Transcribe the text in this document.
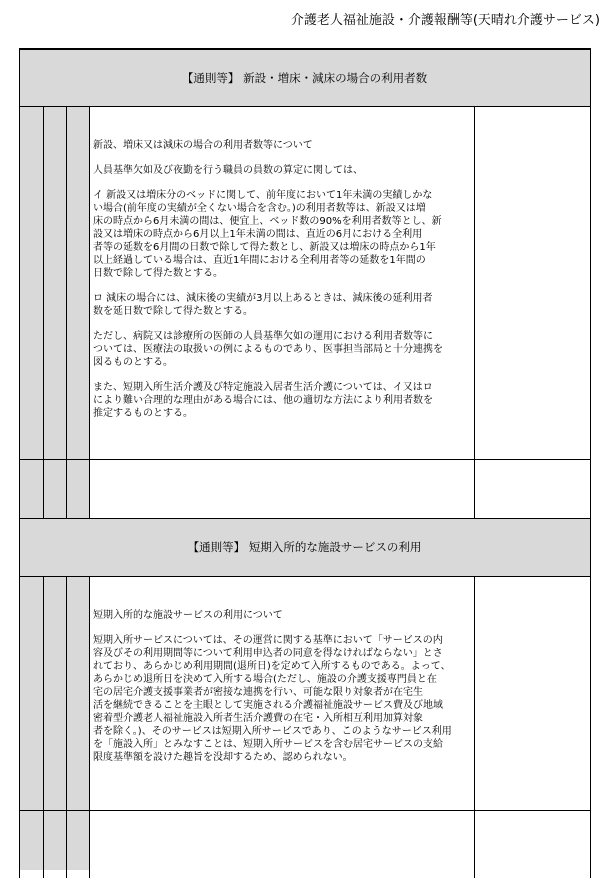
介護老人福祉施設・介護報酬等(天晴れ介護サービス)
【通則等】 新設・増床・減床の場合の利用者数

新設、増床又は減床の場合の利用者数等について

人員基準欠如及び夜勤を行う職員の員数の算定に関しては、

イ 新設又は増床分のベッドに関して、前年度において1年未満の実績しかな
い場合(前年度の実績が全くない場合を含む。)の利用者数等は、新設又は増
床の時点から6月未満の間は、便宜上、ベッド数の90%を利用者数等とし、新
設又は増床の時点から6月以上1年未満の間は、直近の6月における全利用
者等の延数を6月間の日数で除して得た数とし、新設又は増床の時点から1年
以上経過している場合は、直近1年間における全利用者等の延数を1年間の
日数で除して得た数とする。

ロ 減床の場合には、減床後の実績が3月以上あるときは、減床後の延利用者
数を延日数で除して得た数とする。

ただし、病院又は診療所の医師の人員基準欠如の運用における利用者数等に
ついては、医療法の取扱いの例によるものであり、医事担当部局と十分連携を
図るものとする。

また、短期入所生活介護及び特定施設入居者生活介護については、イ又はロ
により難い合理的な理由がある場合には、他の適切な方法により利用者数を
推定するものとする。

【通則等】 短期入所的な施設サービスの利用

短期入所的な施設サービスの利用について

短期入所サービスについては、その運営に関する基準において「サービスの内
容及びその利用期間等について利用申込者の同意を得なければならない」とさ
れており、あらかじめ利用期間(退所日)を定めて入所するものである。よって、
あらかじめ退所日を決めて入所する場合(ただし、施設の介護支援専門員と在
宅の居宅介護支援事業者が密接な連携を行い、可能な限り対象者が在宅生
活を継続できることを主眼として実施される介護福祉施設サービス費及び地域
密着型介護老人福祉施設入所者生活介護費の在宅・入所相互利用加算対象
者を除く。)、そのサービスは短期入所サービスであり、このようなサービス利用
を「施設入所」とみなすことは、短期入所サービスを含む居宅サービスの支給
限度基準額を設けた趣旨を没却するため、認められない。
